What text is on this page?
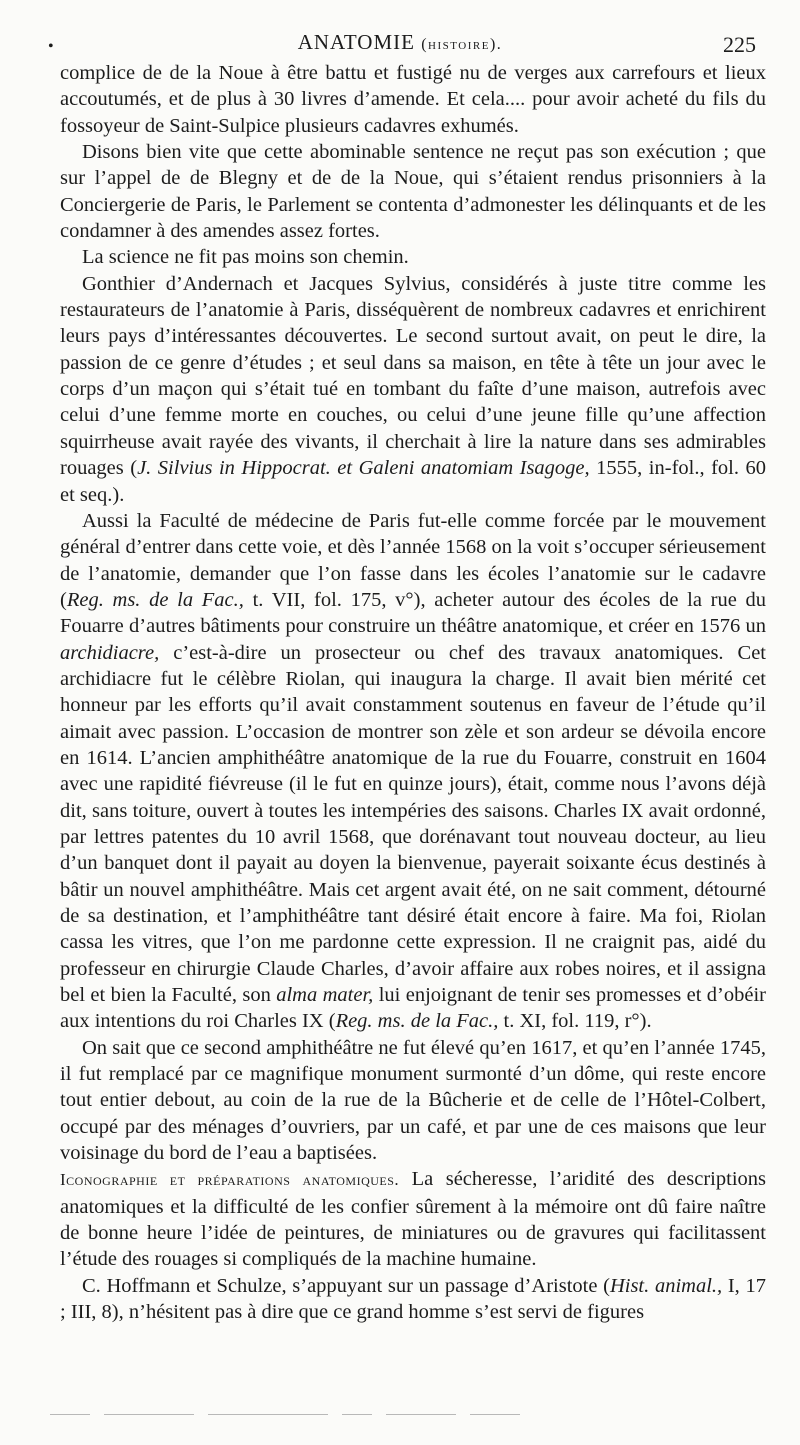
•	ANATOMIE (histoire).	225

complice de de la Noue à être battu et fustigé nu de verges aux carrefours et lieux accoutumés, et de plus à 30 livres d’amende. Et cela.... pour avoir acheté du fils du fossoyeur de Saint-Sulpice plusieurs cadavres exhumés.

Disons bien vite que cette abominable sentence ne reçut pas son exécution ; que sur l’appel de de Blegny et de de la Noue, qui s’étaient rendus prisonniers à la Conciergerie de Paris, le Parlement se contenta d’admonester les délinquants et de les condamner à des amendes assez fortes.

La science ne fit pas moins son chemin.

Gonthier d’Andernach et Jacques Sylvius, considérés à juste titre comme les restaurateurs de l’anatomie à Paris, disséquèrent de nombreux cadavres et enrichirent leurs pays d’intéressantes découvertes. Le second surtout avait, on peut le dire, la passion de ce genre d’études ; et seul dans sa maison, en tête à tête un jour avec le corps d’un maçon qui s’était tué en tombant du faîte d’une maison, autrefois avec celui d’une femme morte en couches, ou celui d’une jeune fille qu’une affection squirrheuse avait rayée des vivants, il cherchait à lire la nature dans ses admirables rouages (J. Silvius in Hippocrat. et Galeni anatomiam Isagoge, 1555, in-fol., fol. 60 et seq.).

Aussi la Faculté de médecine de Paris fut-elle comme forcée par le mouvement général d’entrer dans cette voie, et dès l’année 1568 on la voit s’occuper sérieusement de l’anatomie, demander que l’on fasse dans les écoles l’anatomie sur le cadavre (Reg. ms. de la Fac., t. VII, fol. 175, v°), acheter autour des écoles de la rue du Fouarre d’autres bâtiments pour construire un théâtre anatomique, et créer en 1576 un archidiacre, c’est-à-dire un prosecteur ou chef des travaux anatomiques. Cet archidiacre fut le célèbre Riolan, qui inaugura la charge. Il avait bien mérité cet honneur par les efforts qu’il avait constamment soutenus en faveur de l’étude qu’il aimait avec passion. L’occasion de montrer son zèle et son ardeur se dévoila encore en 1614. L’ancien amphithéâtre anatomique de la rue du Fouarre, construit en 1604 avec une rapidité fiévreuse (il le fut en quinze jours), était, comme nous l’avons déjà dit, sans toiture, ouvert à toutes les intempéries des saisons. Charles IX avait ordonné, par lettres patentes du 10 avril 1568, que dorénavant tout nouveau docteur, au lieu d’un banquet dont il payait au doyen la bienvenue, payerait soixante écus destinés à bâtir un nouvel amphithéâtre. Mais cet argent avait été, on ne sait comment, détourné de sa destination, et l’amphithéâtre tant désiré était encore à faire. Ma foi, Riolan cassa les vitres, que l’on me pardonne cette expression. Il ne craignit pas, aidé du professeur en chirurgie Claude Charles, d’avoir affaire aux robes noires, et il assigna bel et bien la Faculté, son alma mater, lui enjoignant de tenir ses promesses et d’obéir aux intentions du roi Charles IX (Reg. ms. de la Fac., t. XI, fol. 119, r°).

On sait que ce second amphithéâtre ne fut élevé qu’en 1617, et qu’en l’année 1745, il fut remplacé par ce magnifique monument surmonté d’un dôme, qui reste encore tout entier debout, au coin de la rue de la Bûcherie et de celle de l’Hôtel-Colbert, occupé par des ménages d’ouvriers, par un café, et par une de ces maisons que leur voisinage du bord de l’eau a baptisées.

Iconographie et préparations anatomiques. La sécheresse, l’aridité des descriptions anatomiques et la difficulté de les confier sûrement à la mémoire ont dû faire naître de bonne heure l’idée de peintures, de miniatures ou de gravures qui facilitassent l’étude des rouages si compliqués de la machine humaine.

C. Hoffmann et Schulze, s’appuyant sur un passage d’Aristote (Hist. animal., I, 17 ; III, 8), n’hésitent pas à dire que ce grand homme s’est servi de figures
